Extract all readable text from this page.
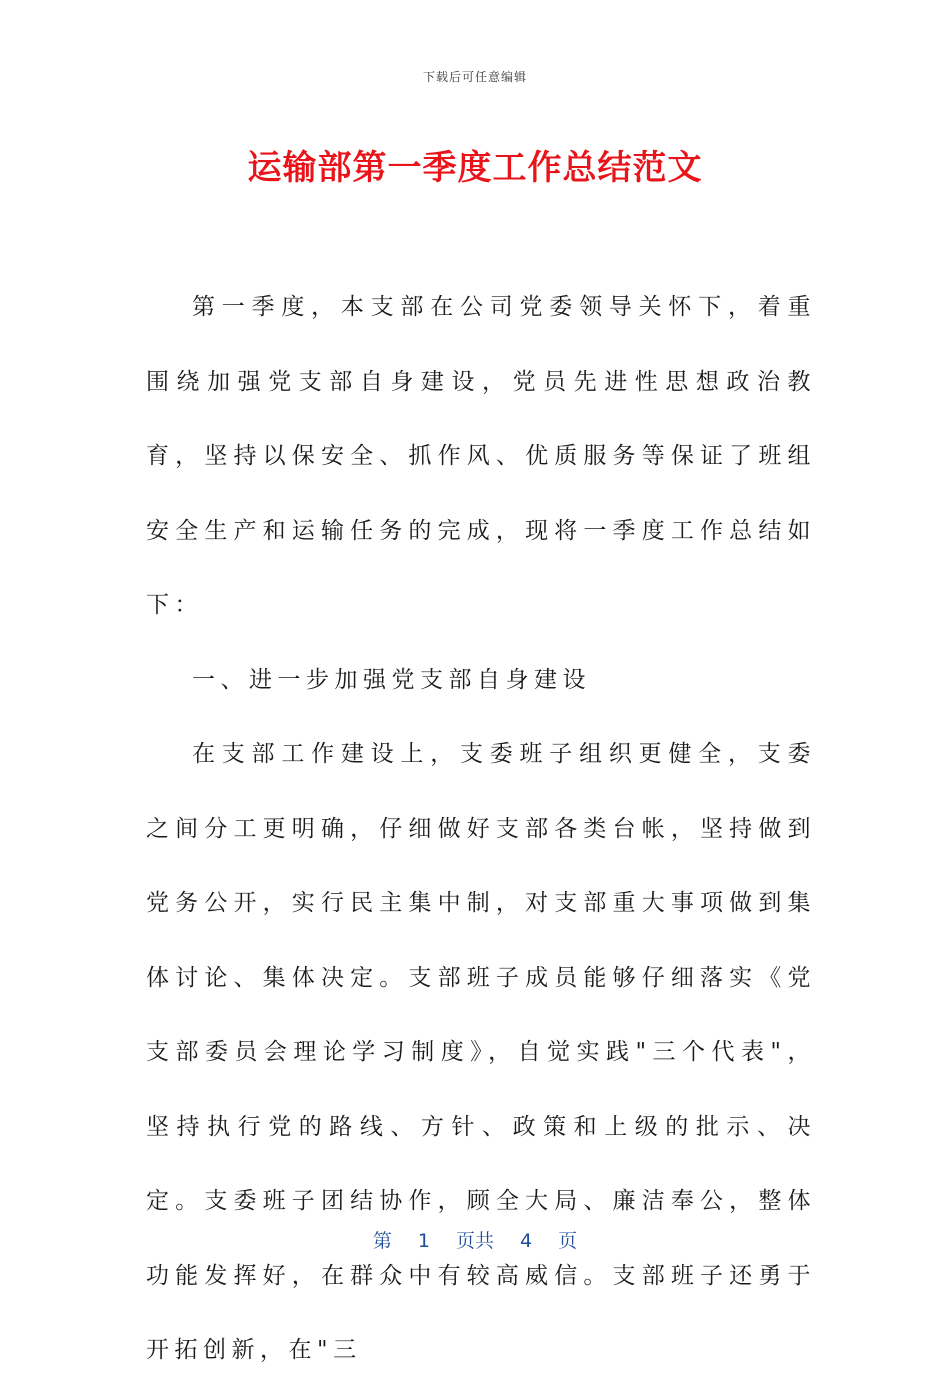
下载后可任意编辑
运输部第一季度工作总结范文

第一季度，本支部在公司党委领导关怀下，着重围绕加强党支部自身建设，党员先进性思想政治教育，坚持以保安全、抓作风、优质服务等保证了班组安全生产和运输任务的完成，现将一季度工作总结如下：

一、进一步加强党支部自身建设

在支部工作建设上，支委班子组织更健全，支委之间分工更明确，仔细做好支部各类台帐，坚持做到党务公开，实行民主集中制，对支部重大事项做到集体讨论、集体决定。支部班子成员能够仔细落实《党支部委员会理论学习制度》，自觉实践"三个代表"，坚持执行党的路线、方针、政策和上级的批示、决定。支委班子团结协作，顾全大局、廉洁奉公，整体功能发挥好，在群众中有较高威信。支部班子还勇于开拓创新，在"三

第 1 页共 4 页
